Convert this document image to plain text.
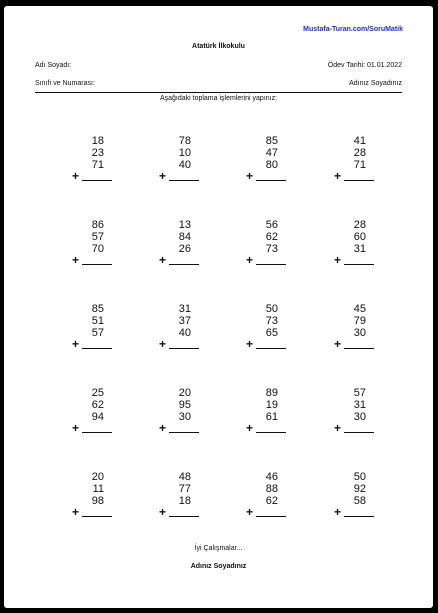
Mustafa-Turan.com/SoruMatik
Atatürk İlkokulu
Adı Soyadı:	Ödev Tarihi: 01.01.2022
Sınıfı ve Numarası:	Adınız Soyadınız
Aşağıdaki toplama işlemlerini yapınız:
18
23
71
+
78
10
40
+
85
47
80
+
41
28
71
+
86
57
70
+
13
84
26
+
56
62
73
+
28
60
31
+
85
51
57
+
31
37
40
+
50
73
65
+
45
79
30
+
25
62
94
+
20
95
30
+
89
19
61
+
57
31
30
+
20
11
98
+
48
77
18
+
46
88
62
+
50
92
58
+
İyi Çalışmalar...
Adınız Soyadınız
